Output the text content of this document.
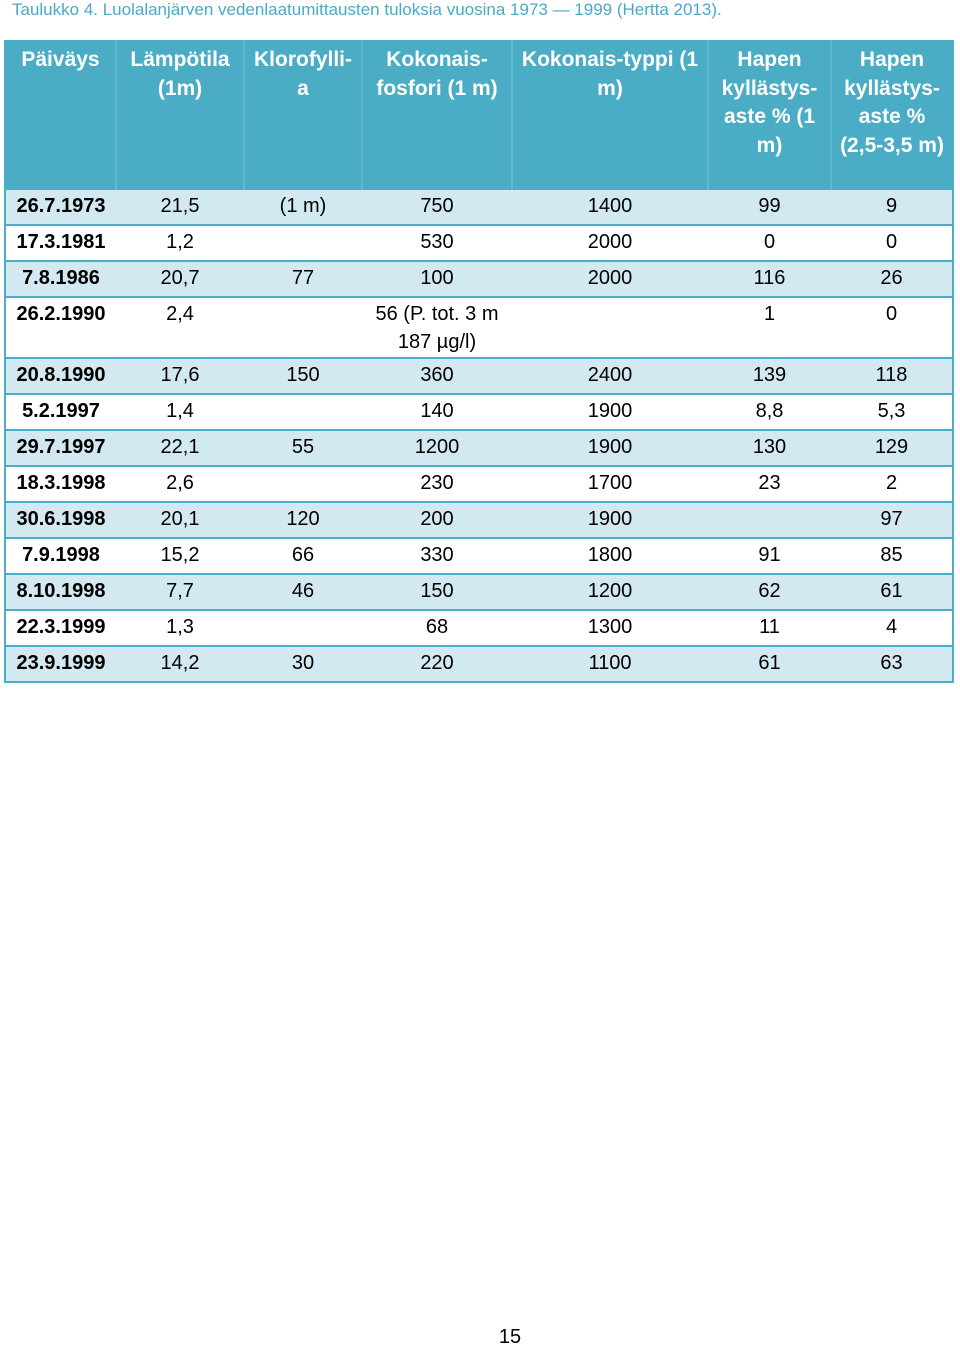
Taulukko 4. Luolalanjärven vedenlaatumittausten tuloksia vuosina 1973 — 1999 (Hertta 2013).
Päiväys	Lämpötila (1m)	Klorofylli-a	Kokonais-fosfori (1 m)	Kokonais-typpi (1 m)	Hapen kyllästys-aste % (1 m)	Hapen kyllästys-aste % (2,5-3,5 m)
26.7.1973	21,5	(1 m)	750	1400	99	9
17.3.1981	1,2		530	2000	0	0
7.8.1986	20,7	77	100	2000	116	26
26.2.1990	2,4		56 (P. tot. 3 m 187 µg/l)		1	0
20.8.1990	17,6	150	360	2400	139	118
5.2.1997	1,4		140	1900	8,8	5,3
29.7.1997	22,1	55	1200	1900	130	129
18.3.1998	2,6		230	1700	23	2
30.6.1998	20,1	120	200	1900		97
7.9.1998	15,2	66	330	1800	91	85
8.10.1998	7,7	46	150	1200	62	61
22.3.1999	1,3		68	1300	11	4
23.9.1999	14,2	30	220	1100	61	63
15
